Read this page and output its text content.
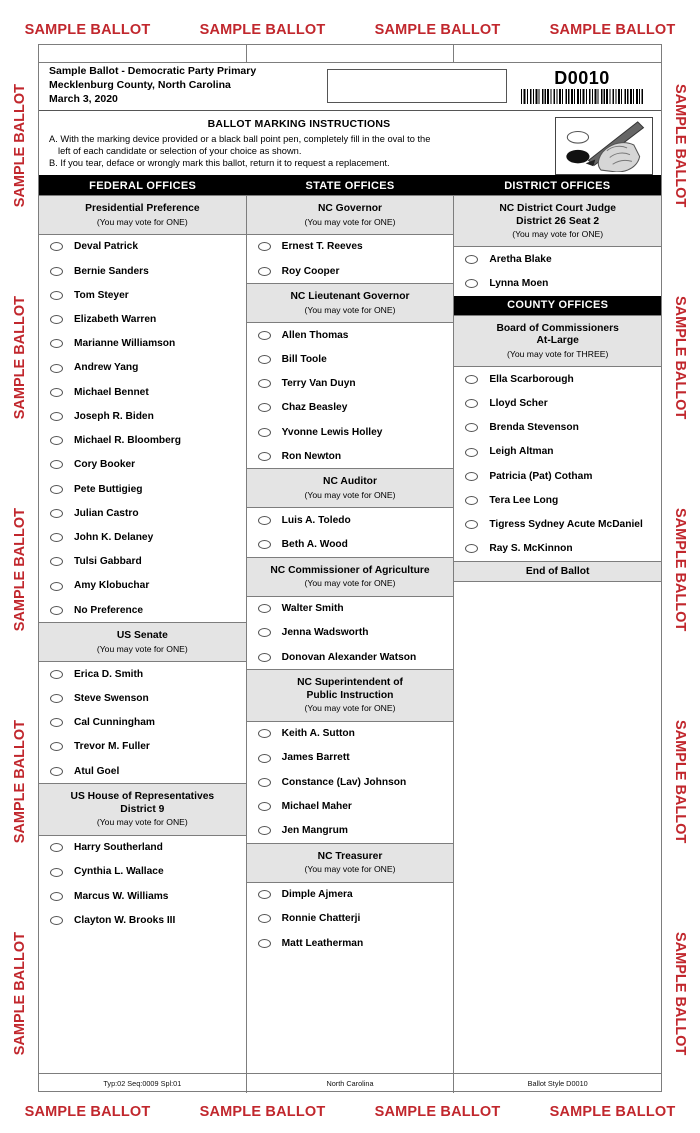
SAMPLE BALLOT	SAMPLE BALLOT	SAMPLE BALLOT	SAMPLE BALLOT
SAMPLE BALLOT
SAMPLE BALLOT
SAMPLE BALLOT
SAMPLE BALLOT
SAMPLE BALLOT
SAMPLE BALLOT
SAMPLE BALLOT
SAMPLE BALLOT
SAMPLE BALLOT
SAMPLE BALLOT
SAMPLE BALLOT	SAMPLE BALLOT	SAMPLE BALLOT	SAMPLE BALLOT
Sample Ballot - Democratic Party Primary
Mecklenburg County, North Carolina
March 3, 2020
D0010
BALLOT MARKING INSTRUCTIONS
A. With the marking device provided or a black ball point pen, completely fill in the oval to the
left of each candidate or selection of your choice as shown.
B. If you tear, deface or wrongly mark this ballot, return it to request a replacement.
FEDERAL OFFICES	STATE OFFICES	DISTRICT OFFICES
Presidential Preference
(You may vote for ONE)
Deval Patrick
Bernie Sanders
Tom Steyer
Elizabeth Warren
Marianne Williamson
Andrew Yang
Michael Bennet
Joseph R. Biden
Michael R. Bloomberg
Cory Booker
Pete Buttigieg
Julian Castro
John K. Delaney
Tulsi Gabbard
Amy Klobuchar
No Preference
US Senate
(You may vote for ONE)
Erica D. Smith
Steve Swenson
Cal Cunningham
Trevor M. Fuller
Atul Goel
US House of Representatives
District 9
(You may vote for ONE)
Harry Southerland
Cynthia L. Wallace
Marcus W. Williams
Clayton W. Brooks III
NC Governor
(You may vote for ONE)
Ernest T. Reeves
Roy Cooper
NC Lieutenant Governor
(You may vote for ONE)
Allen Thomas
Bill Toole
Terry Van Duyn
Chaz Beasley
Yvonne Lewis Holley
Ron Newton
NC Auditor
(You may vote for ONE)
Luis A. Toledo
Beth A. Wood
NC Commissioner of Agriculture
(You may vote for ONE)
Walter Smith
Jenna Wadsworth
Donovan Alexander Watson
NC Superintendent of
Public Instruction
(You may vote for ONE)
Keith A. Sutton
James Barrett
Constance (Lav) Johnson
Michael Maher
Jen Mangrum
NC Treasurer
(You may vote for ONE)
Dimple Ajmera
Ronnie Chatterji
Matt Leatherman
NC District Court Judge
District 26 Seat 2
(You may vote for ONE)
Aretha Blake
Lynna Moen
COUNTY OFFICES
Board of Commissioners
At-Large
(You may vote for THREE)
Ella Scarborough
Lloyd Scher
Brenda Stevenson
Leigh Altman
Patricia (Pat) Cotham
Tera Lee Long
Tigress Sydney Acute McDaniel
Ray S. McKinnon
End of Ballot
Typ:02 Seq:0009 Spl:01	North Carolina	Ballot Style D0010
